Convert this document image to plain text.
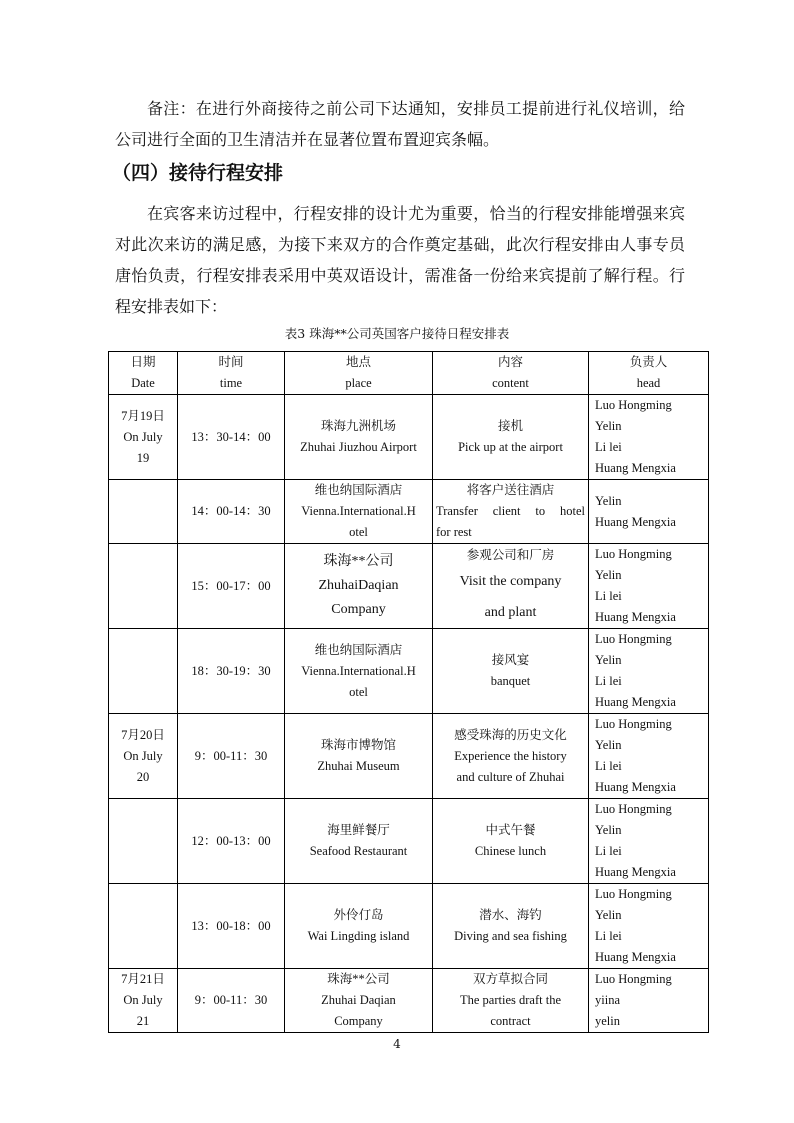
备注：在进行外商接待之前公司下达通知，安排员工提前进行礼仪培训，给公司进行全面的卫生清洁并在显著位置布置迎宾条幅。

（四）接待行程安排

在宾客来访过程中，行程安排的设计尤为重要，恰当的行程安排能增强来宾对此次来访的满足感，为接下来双方的合作奠定基础，此次行程安排由人事专员唐怡负责，行程安排表采用中英双语设计，需准备一份给来宾提前了解行程。行程安排表如下：

表3 珠海**公司英国客户接待日程安排表

日期
Date	时间
time	地点
place	内容
content	负责人
head

7月19日
On July
19	13：30-14：00	珠海九洲机场
Zhuhai Jiuzhou Airport	接机
Pick up at the airport	Luo Hongming
Yelin
Li lei
Huang Mengxia

	14：00-14：30	维也纳国际酒店
Vienna.International.H
otel	将客户送往酒店
Transfer client to hotel
for rest	Yelin
Huang Mengxia

	15：00-17：00	珠海**公司
ZhuhaiDaqian
Company	参观公司和厂房
Visit the company
and plant	Luo Hongming
Yelin
Li lei
Huang Mengxia

	18：30-19：30	维也纳国际酒店
Vienna.International.H
otel	接风宴
banquet	Luo Hongming
Yelin
Li lei
Huang Mengxia

7月20日
On July
20	9：00-11：30	珠海市博物馆
Zhuhai Museum	感受珠海的历史文化
Experience the history
and culture of Zhuhai	Luo Hongming
Yelin
Li lei
Huang Mengxia

	12：00-13：00	海里鲜餐厅
Seafood Restaurant	中式午餐
Chinese lunch	Luo Hongming
Yelin
Li lei
Huang Mengxia

	13：00-18：00	外伶仃岛
Wai Lingding island	潜水、海钓
Diving and sea fishing	Luo Hongming
Yelin
Li lei
Huang Mengxia

7月21日
On July
21	9：00-11：30	珠海**公司
Zhuhai Daqian
Company	双方草拟合同
The parties draft the
contract	Luo Hongming
yiina
yelin
4
